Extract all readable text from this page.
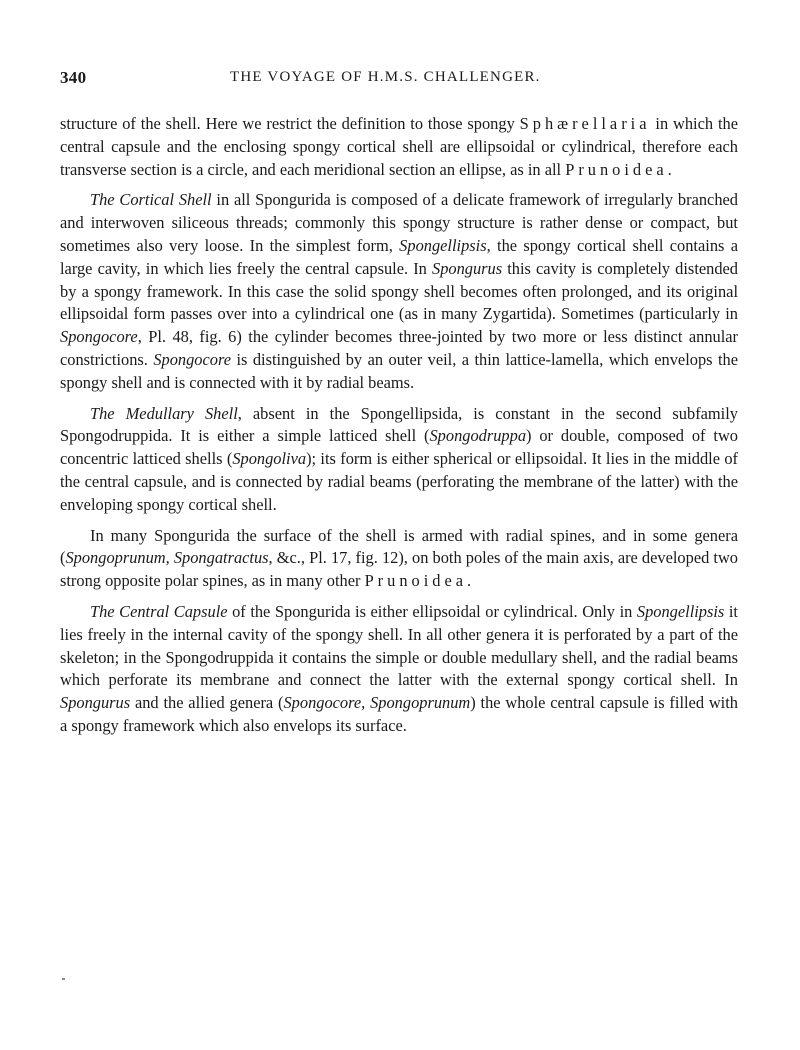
340	THE VOYAGE OF H.M.S. CHALLENGER.

structure of the shell. Here we restrict the definition to those spongy Sphærellaria in which the central capsule and the enclosing spongy cortical shell are ellipsoidal or cylindrical, therefore each transverse section is a circle, and each meridional section an ellipse, as in all Prunoidea.

The Cortical Shell in all Spongurida is composed of a delicate framework of irregularly branched and interwoven siliceous threads; commonly this spongy structure is rather dense or compact, but sometimes also very loose. In the simplest form, Spongellipsis, the spongy cortical shell contains a large cavity, in which lies freely the central capsule. In Spongurus this cavity is completely distended by a spongy framework. In this case the solid spongy shell becomes often prolonged, and its original ellipsoidal form passes over into a cylindrical one (as in many Zygartida). Sometimes (particularly in Spongocore, Pl. 48, fig. 6) the cylinder becomes three-jointed by two more or less distinct annular constrictions. Spongocore is distinguished by an outer veil, a thin lattice-lamella, which envelops the spongy shell and is connected with it by radial beams.

The Medullary Shell, absent in the Spongellipsida, is constant in the second subfamily Spongodruppida. It is either a simple latticed shell (Spongodruppa) or double, composed of two concentric latticed shells (Spongoliva); its form is either spherical or ellipsoidal. It lies in the middle of the central capsule, and is connected by radial beams (perforating the membrane of the latter) with the enveloping spongy cortical shell.

In many Spongurida the surface of the shell is armed with radial spines, and in some genera (Spongoprunum, Spongatractus, &c., Pl. 17, fig. 12), on both poles of the main axis, are developed two strong opposite polar spines, as in many other Prunoidea.

The Central Capsule of the Spongurida is either ellipsoidal or cylindrical. Only in Spongellipsis it lies freely in the internal cavity of the spongy shell. In all other genera it is perforated by a part of the skeleton; in the Spongodruppida it contains the simple or double medullary shell, and the radial beams which perforate its membrane and connect the latter with the external spongy cortical shell. In Spongurus and the allied genera (Spongocore, Spongoprunum) the whole central capsule is filled with a spongy framework which also envelops its surface.
